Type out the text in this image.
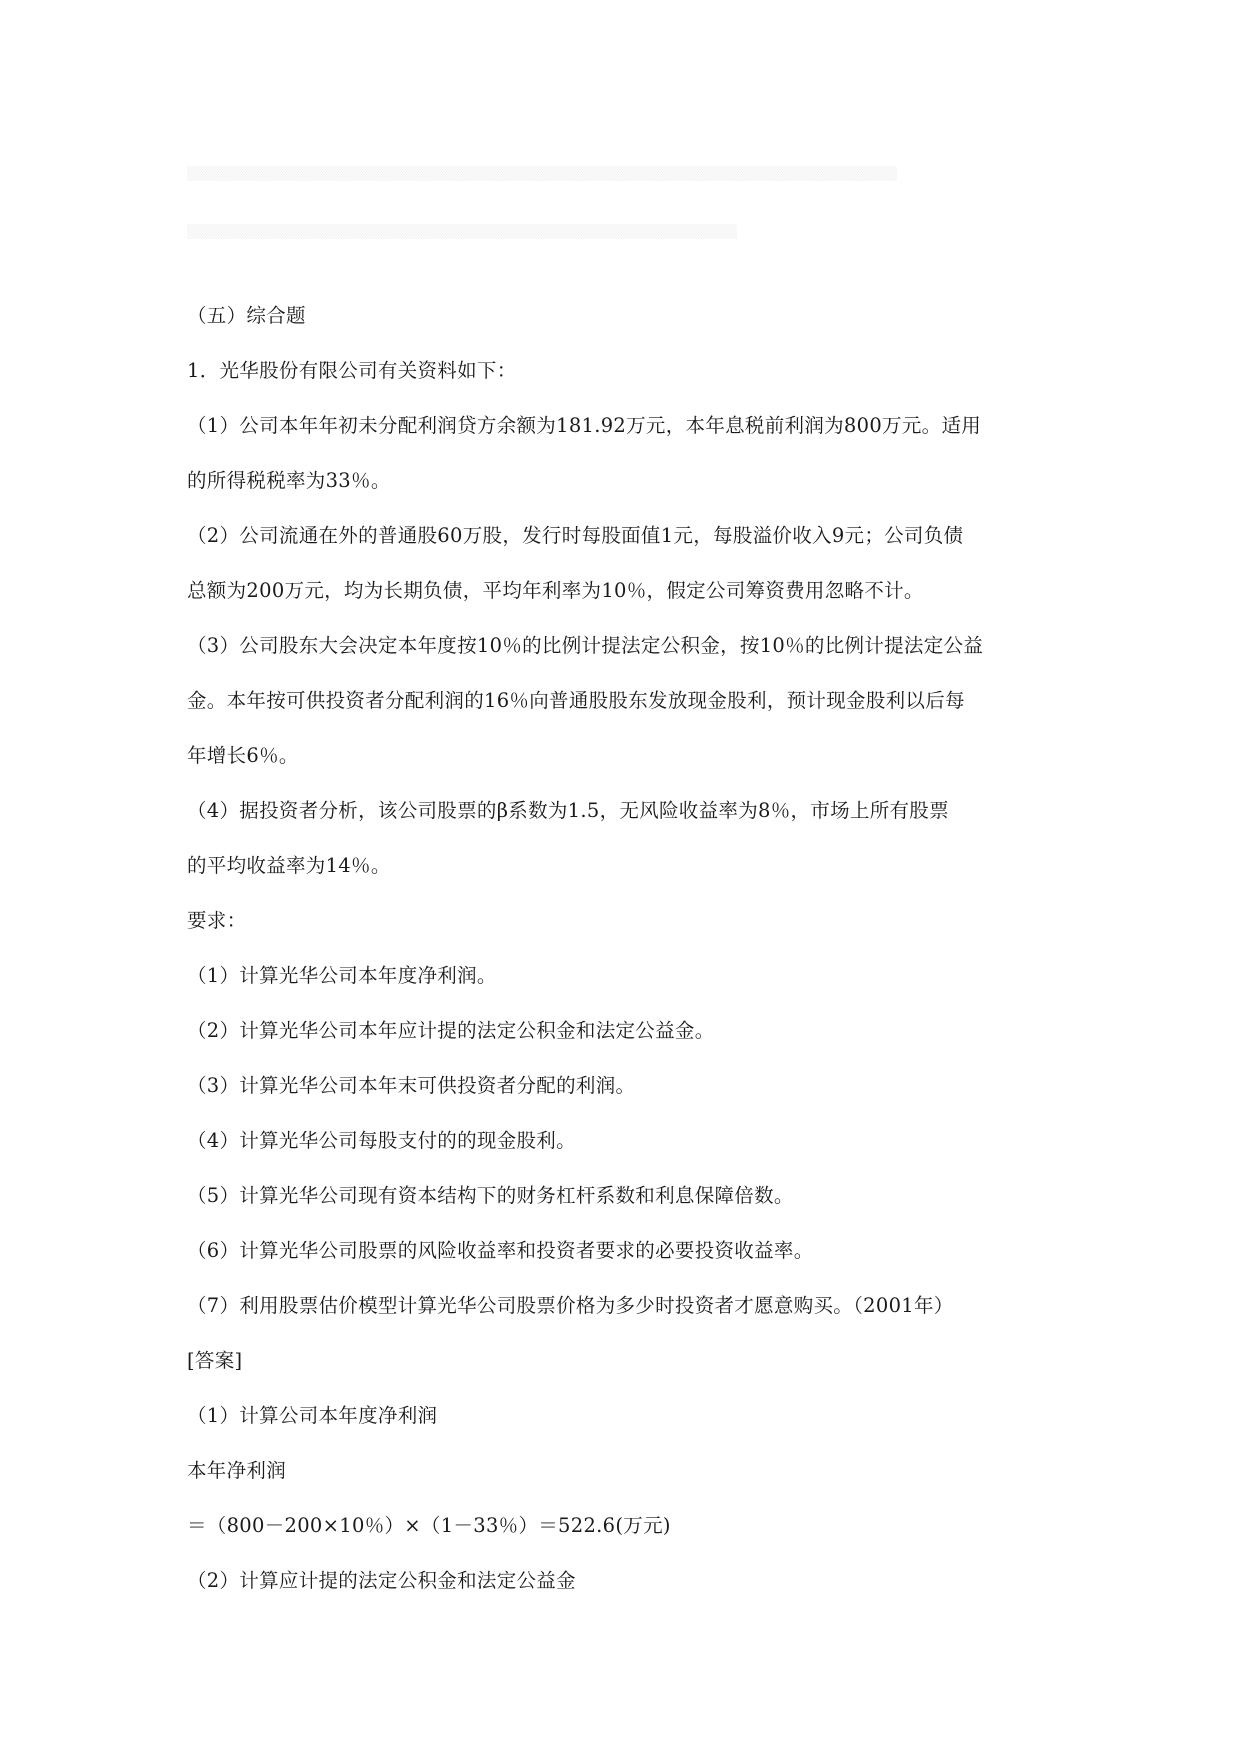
▒▒▒▒▒▒▒▒▒▒▒▒▒▒▒▒▒▒▒▒▒▒▒▒▒▒▒▒▒▒▒▒▒▒▒▒▒▒▒▒▒▒▒▒▒▒▒▒▒▒▒▒▒▒▒▒▒▒▒▒▒▒▒▒▒▒▒▒▒▒▒
▒▒▒▒▒▒▒▒▒▒▒▒▒▒▒▒▒▒▒▒▒▒▒▒▒▒▒▒▒▒▒▒▒▒▒▒▒▒▒▒▒▒▒▒▒▒▒▒▒▒▒▒▒▒▒
（五）综合题
1．光华股份有限公司有关资料如下：
（1）公司本年年初未分配利润贷方余额为181.92万元，本年息税前利润为800万元。适用
的所得税税率为33％。
（2）公司流通在外的普通股60万股，发行时每股面值1元，每股溢价收入9元；公司负债
总额为200万元，均为长期负债，平均年利率为10％，假定公司筹资费用忽略不计。
（3）公司股东大会决定本年度按10％的比例计提法定公积金，按10％的比例计提法定公益
金。本年按可供投资者分配利润的16％向普通股股东发放现金股利，预计现金股利以后每
年增长6％。
（4）据投资者分析，该公司股票的β系数为1.5，无风险收益率为8％，市场上所有股票
的平均收益率为14％。
要求：
（1）计算光华公司本年度净利润。
（2）计算光华公司本年应计提的法定公积金和法定公益金。
（3）计算光华公司本年末可供投资者分配的利润。
（4）计算光华公司每股支付的的现金股利。
（5）计算光华公司现有资本结构下的财务杠杆系数和利息保障倍数。
（6）计算光华公司股票的风险收益率和投资者要求的必要投资收益率。
（7）利用股票估价模型计算光华公司股票价格为多少时投资者才愿意购买。（2001年）
[答案]
（1）计算公司本年度净利润
本年净利润
＝（800－200×10％）×（1－33％）＝522.6(万元)
（2）计算应计提的法定公积金和法定公益金
